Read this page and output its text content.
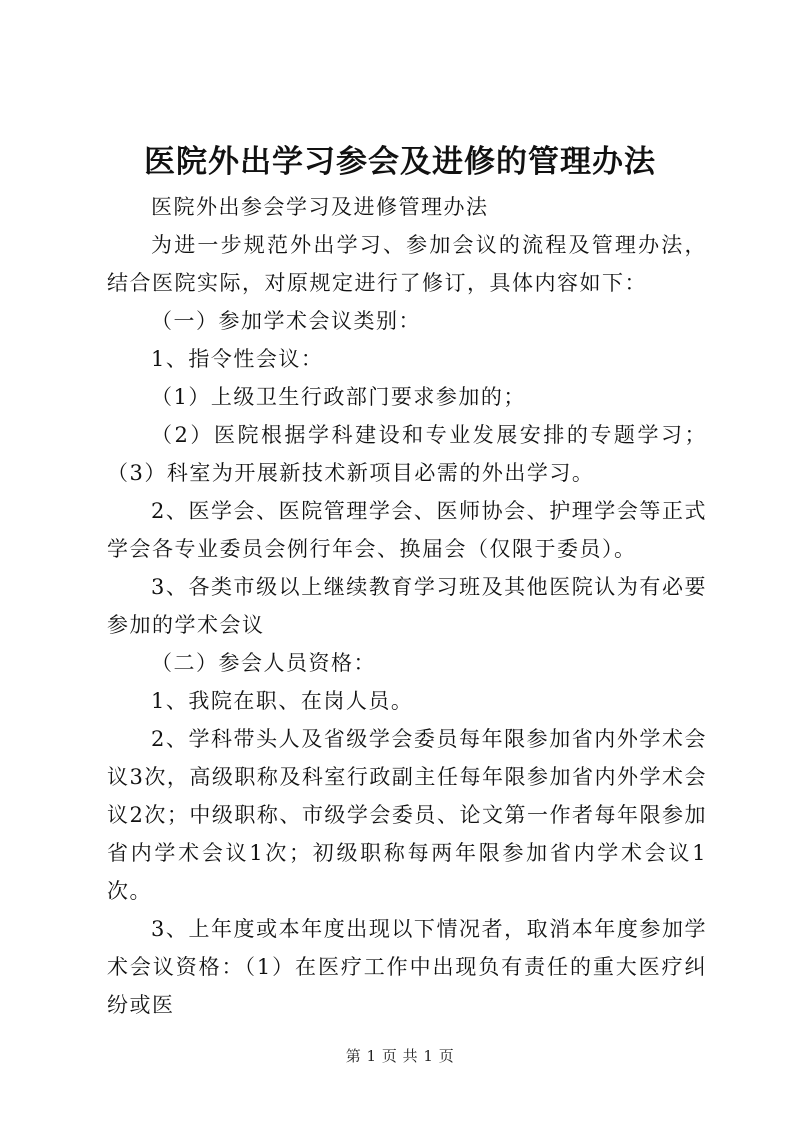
医院外出学习参会及进修的管理办法

医院外出参会学习及进修管理办法

为进一步规范外出学习、参加会议的流程及管理办法，结合医院实际，对原规定进行了修订，具体内容如下：

（一）参加学术会议类别：

1、指令性会议：

（1）上级卫生行政部门要求参加的；

（2）医院根据学科建设和专业发展安排的专题学习；（3）科室为开展新技术新项目必需的外出学习。

2、医学会、医院管理学会、医师协会、护理学会等正式学会各专业委员会例行年会、换届会（仅限于委员）。

3、各类市级以上继续教育学习班及其他医院认为有必要参加的学术会议

（二）参会人员资格：

1、我院在职、在岗人员。

2、学科带头人及省级学会委员每年限参加省内外学术会议3次，高级职称及科室行政副主任每年限参加省内外学术会议2次；中级职称、市级学会委员、论文第一作者每年限参加省内学术会议1次；初级职称每两年限参加省内学术会议1次。

3、上年度或本年度出现以下情况者，取消本年度参加学术会议资格：（1）在医疗工作中出现负有责任的重大医疗纠纷或医

第 1 页 共 1 页
